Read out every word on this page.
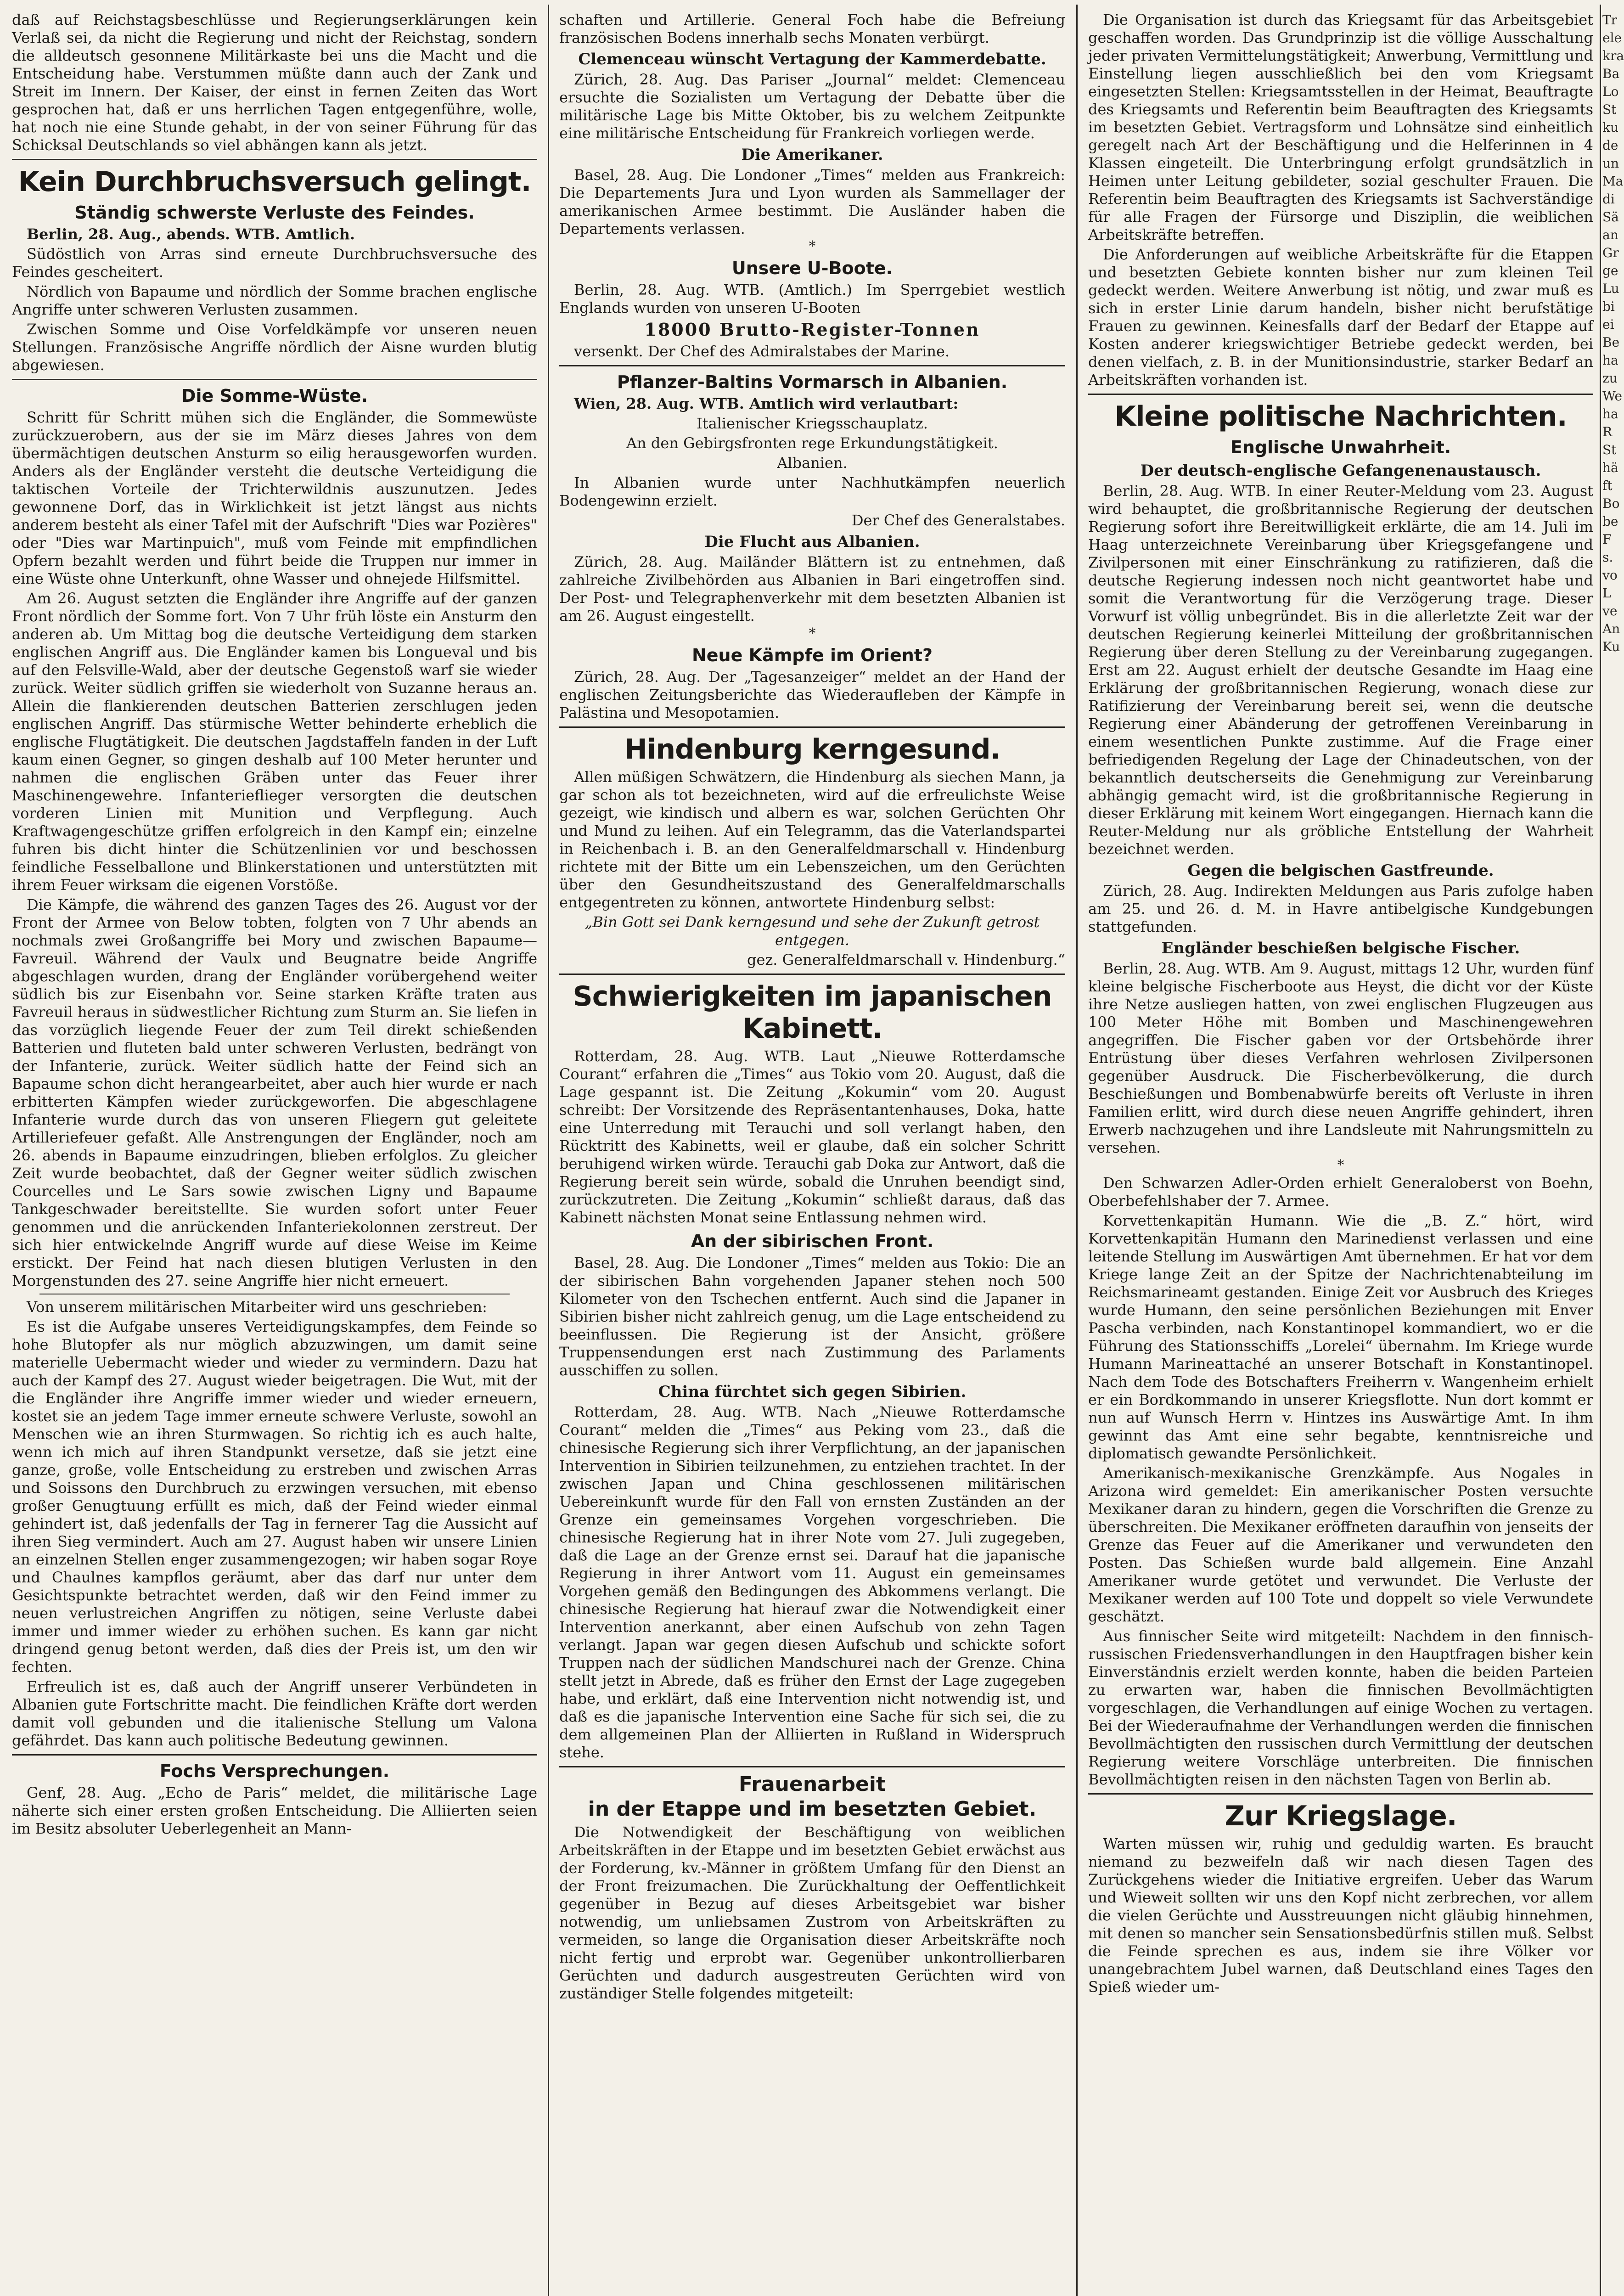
daß auf Reichstagsbeschlüsse und Regierungserklärungen kein Verlaß sei, da nicht die Regierung und nicht der Reichstag, sondern die alldeutsch gesonnene Militärkaste bei uns die Macht und die Entscheidung habe. Verstummen müßte dann auch der Zank und Streit im Innern. Der Kaiser, der einst in fernen Zeiten das Wort gesprochen hat, daß er uns herrlichen Tagen entgegenführe, wolle, hat noch nie eine Stunde gehabt, in der von seiner Führung für das Schicksal Deutschlands so viel abhängen kann als jetzt.

Kein Durchbruchsversuch gelingt.
Ständig schwerste Verluste des Feindes.

Berlin, 28. Aug., abends. WTB. Amtlich.

Südöstlich von Arras sind erneute Durchbruchsversuche des Feindes gescheitert.

Nördlich von Bapaume und nördlich der Somme brachen englische Angriffe unter schweren Verlusten zusammen.

Zwischen Somme und Oise Vorfeldkämpfe vor unseren neuen Stellungen. Französische Angriffe nördlich der Aisne wurden blutig abgewiesen.

Die Somme-Wüste.

Schritt für Schritt mühen sich die Engländer, die Sommewüste zurückzuerobern, aus der sie im März dieses Jahres von dem übermächtigen deutschen Ansturm so eilig herausgeworfen wurden. Anders als der Engländer versteht die deutsche Verteidigung die taktischen Vorteile der Trichterwildnis auszunutzen. Jedes gewonnene Dorf, das in Wirklichkeit ist jetzt längst aus nichts anderem besteht als einer Tafel mit der Aufschrift "Dies war Pozières" oder "Dies war Martinpuich", muß vom Feinde mit empfindlichen Opfern bezahlt werden und führt beide die Truppen nur immer in eine Wüste ohne Unterkunft, ohne Wasser und ohnejede Hilfsmittel.

Am 26. August setzten die Engländer ihre Angriffe auf der ganzen Front nördlich der Somme fort. Von 7 Uhr früh löste ein Ansturm den anderen ab. Um Mittag bog die deutsche Verteidigung dem starken englischen Angriff aus. Die Engländer kamen bis Longueval und bis auf den Felsville-Wald, aber der deutsche Gegenstoß warf sie wieder zurück. Weiter südlich griffen sie wiederholt von Suzanne heraus an. Allein die flankierenden deutschen Batterien zerschlugen jeden englischen Angriff. Das stürmische Wetter behinderte erheblich die englische Flugtätigkeit. Die deutschen Jagdstaffeln fanden in der Luft kaum einen Gegner, so gingen deshalb auf 100 Meter herunter und nahmen die englischen Gräben unter das Feuer ihrer Maschinengewehre. Infanterieflieger versorgten die deutschen vorderen Linien mit Munition und Verpflegung. Auch Kraftwagengeschütze griffen erfolgreich in den Kampf ein; einzelne fuhren bis dicht hinter die Schützenlinien vor und beschossen feindliche Fesselballone und Blinkerstationen und unterstützten mit ihrem Feuer wirksam die eigenen Vorstöße.

Die Kämpfe, die während des ganzen Tages des 26. August vor der Front der Armee von Below tobten, folgten von 7 Uhr abends an nochmals zwei Großangriffe bei Mory und zwischen Bapaume—Favreuil. Während der Vaulx und Beugnatre beide Angriffe abgeschlagen wurden, drang der Engländer vorübergehend weiter südlich bis zur Eisenbahn vor. Seine starken Kräfte traten aus Favreuil heraus in südwestlicher Richtung zum Sturm an. Sie liefen in das vorzüglich liegende Feuer der zum Teil direkt schießenden Batterien und fluteten bald unter schweren Verlusten, bedrängt von der Infanterie, zurück. Weiter südlich hatte der Feind sich an Bapaume schon dicht herangearbeitet, aber auch hier wurde er nach erbitterten Kämpfen wieder zurückgeworfen. Die abgeschlagene Infanterie wurde durch das von unseren Fliegern gut geleitete Artilleriefeuer gefaßt. Alle Anstrengungen der Engländer, noch am 26. abends in Bapaume einzudringen, blieben erfolglos. Zu gleicher Zeit wurde beobachtet, daß der Gegner weiter südlich zwischen Courcelles und Le Sars sowie zwischen Ligny und Bapaume Tankgeschwader bereitstellte. Sie wurden sofort unter Feuer genommen und die anrückenden Infanteriekolonnen zerstreut. Der sich hier entwickelnde Angriff wurde auf diese Weise im Keime erstickt. Der Feind hat nach diesen blutigen Verlusten in den Morgenstunden des 27. seine Angriffe hier nicht erneuert.

Von unserem militärischen Mitarbeiter wird uns geschrieben:

Es ist die Aufgabe unseres Verteidigungskampfes, dem Feinde so hohe Blutopfer als nur möglich abzuzwingen, um damit seine materielle Uebermacht wieder und wieder zu vermindern. Dazu hat auch der Kampf des 27. August wieder beigetragen. Die Wut, mit der die Engländer ihre Angriffe immer wieder und wieder erneuern, kostet sie an jedem Tage immer erneute schwere Verluste, sowohl an Menschen wie an ihren Sturmwagen. So richtig ich es auch halte, wenn ich mich auf ihren Standpunkt versetze, daß sie jetzt eine ganze, große, volle Entscheidung zu erstreben und zwischen Arras und Soissons den Durchbruch zu erzwingen versuchen, mit ebenso großer Genugtuung erfüllt es mich, daß der Feind wieder einmal gehindert ist, daß jedenfalls der Tag in fernerer Tag die Aussicht auf ihren Sieg vermindert. Auch am 27. August haben wir unsere Linien an einzelnen Stellen enger zusammengezogen; wir haben sogar Roye und Chaulnes kampflos geräumt, aber das darf nur unter dem Gesichtspunkte betrachtet werden, daß wir den Feind immer zu neuen verlustreichen Angriffen zu nötigen, seine Verluste dabei immer und immer wieder zu erhöhen suchen. Es kann gar nicht dringend genug betont werden, daß dies der Preis ist, um den wir fechten.

Erfreulich ist es, daß auch der Angriff unserer Verbündeten in Albanien gute Fortschritte macht. Die feindlichen Kräfte dort werden damit voll gebunden und die italienische Stellung um Valona gefährdet. Das kann auch politische Bedeutung gewinnen.

Fochs Versprechungen.

Genf, 28. Aug. „Echo de Paris“ meldet, die militärische Lage näherte sich einer ersten großen Entscheidung. Die Alliierten seien im Besitz absoluter Ueberlegenheit an Mann-

schaften und Artillerie. General Foch habe die Befreiung französischen Bodens innerhalb sechs Monaten verbürgt.

Clemenceau wünscht Vertagung der Kammerdebatte.

Zürich, 28. Aug. Das Pariser „Journal“ meldet: Clemenceau ersuchte die Sozialisten um Vertagung der Debatte über die militärische Lage bis Mitte Oktober, bis zu welchem Zeitpunkte eine militärische Entscheidung für Frankreich vorliegen werde.

Die Amerikaner.

Basel, 28. Aug. Die Londoner „Times“ melden aus Frankreich: Die Departements Jura und Lyon wurden als Sammellager der amerikanischen Armee bestimmt. Die Ausländer haben die Departements verlassen.

*
Unsere U-Boote.

Berlin, 28. Aug. WTB. (Amtlich.) Im Sperrgebiet westlich Englands wurden von unseren U-Booten

18000 Brutto-Register-Tonnen

versenkt. Der Chef des Admiralstabes der Marine.

Pflanzer-Baltins Vormarsch in Albanien.

Wien, 28. Aug. WTB. Amtlich wird verlautbart:

Italienischer Kriegsschauplatz.

An den Gebirgsfronten rege Erkundungstätigkeit.

Albanien.

In Albanien wurde unter Nachhutkämpfen neuerlich Bodengewinn erzielt.

Der Chef des Generalstabes.
Die Flucht aus Albanien.

Zürich, 28. Aug. Mailänder Blättern ist zu entnehmen, daß zahlreiche Zivilbehörden aus Albanien in Bari eingetroffen sind. Der Post- und Telegraphenverkehr mit dem besetzten Albanien ist am 26. August eingestellt.

*
Neue Kämpfe im Orient?

Zürich, 28. Aug. Der „Tagesanzeiger“ meldet an der Hand der englischen Zeitungsberichte das Wiederaufleben der Kämpfe in Palästina und Mesopotamien.

Hindenburg kerngesund.

Allen müßigen Schwätzern, die Hindenburg als siechen Mann, ja gar schon als tot bezeichneten, wird auf die erfreulichste Weise gezeigt, wie kindisch und albern es war, solchen Gerüchten Ohr und Mund zu leihen. Auf ein Telegramm, das die Vaterlandspartei in Reichenbach i. B. an den Generalfeldmarschall v. Hindenburg richtete mit der Bitte um ein Lebenszeichen, um den Gerüchten über den Gesundheitszustand des Generalfeldmarschalls entgegentreten zu können, antwortete Hindenburg selbst:

„Bin Gott sei Dank kerngesund und sehe der Zukunft getrost entgegen.

gez. Generalfeldmarschall v. Hindenburg.“
Schwierigkeiten im japanischen Kabinett.

Rotterdam, 28. Aug. WTB. Laut „Nieuwe Rotterdamsche Courant“ erfahren die „Times“ aus Tokio vom 20. August, daß die Lage gespannt ist. Die Zeitung „Kokumin“ vom 20. August schreibt: Der Vorsitzende des Repräsentantenhauses, Doka, hatte eine Unterredung mit Terauchi und soll verlangt haben, den Rücktritt des Kabinetts, weil er glaube, daß ein solcher Schritt beruhigend wirken würde. Terauchi gab Doka zur Antwort, daß die Regierung bereit sein würde, sobald die Unruhen beendigt sind, zurückzutreten. Die Zeitung „Kokumin“ schließt daraus, daß das Kabinett nächsten Monat seine Entlassung nehmen wird.

An der sibirischen Front.

Basel, 28. Aug. Die Londoner „Times“ melden aus Tokio: Die an der sibirischen Bahn vorgehenden Japaner stehen noch 500 Kilometer von den Tschechen entfernt. Auch sind die Japaner in Sibirien bisher nicht zahlreich genug, um die Lage entscheidend zu beeinflussen. Die Regierung ist der Ansicht, größere Truppensendungen erst nach Zustimmung des Parlaments ausschiffen zu sollen.

China fürchtet sich gegen Sibirien.

Rotterdam, 28. Aug. WTB. Nach „Nieuwe Rotterdamsche Courant“ melden die „Times“ aus Peking vom 23., daß die chinesische Regierung sich ihrer Verpflichtung, an der japanischen Intervention in Sibirien teilzunehmen, zu entziehen trachtet. In der zwischen Japan und China geschlossenen militärischen Uebereinkunft wurde für den Fall von ernsten Zuständen an der Grenze ein gemeinsames Vorgehen vorgeschrieben. Die chinesische Regierung hat in ihrer Note vom 27. Juli zugegeben, daß die Lage an der Grenze ernst sei. Darauf hat die japanische Regierung in ihrer Antwort vom 11. August ein gemeinsames Vorgehen gemäß den Bedingungen des Abkommens verlangt. Die chinesische Regierung hat hierauf zwar die Notwendigkeit einer Intervention anerkannt, aber einen Aufschub von zehn Tagen verlangt. Japan war gegen diesen Aufschub und schickte sofort Truppen nach der südlichen Mandschurei nach der Grenze. China stellt jetzt in Abrede, daß es früher den Ernst der Lage zugegeben habe, und erklärt, daß eine Intervention nicht notwendig ist, und daß es die japanische Intervention eine Sache für sich sei, die zu dem allgemeinen Plan der Alliierten in Rußland in Widerspruch stehe.

Frauenarbeit
in der Etappe und im besetzten Gebiet.

Die Notwendigkeit der Beschäftigung von weiblichen Arbeitskräften in der Etappe und im besetzten Gebiet erwächst aus der Forderung, kv.-Männer in größtem Umfang für den Dienst an der Front freizumachen. Die Zurückhaltung der Oeffentlichkeit gegenüber in Bezug auf dieses Arbeitsgebiet war bisher notwendig, um unliebsamen Zustrom von Arbeitskräften zu vermeiden, so lange die Organisation dieser Arbeitskräfte noch nicht fertig und erprobt war. Gegenüber unkontrollierbaren Gerüchten und dadurch ausgestreuten Gerüchten wird von zuständiger Stelle folgendes mitgeteilt:

Die Organisation ist durch das Kriegsamt für das Arbeitsgebiet geschaffen worden. Das Grundprinzip ist die völlige Ausschaltung jeder privaten Vermittelungstätigkeit; Anwerbung, Vermittlung und Einstellung liegen ausschließlich bei den vom Kriegsamt eingesetzten Stellen: Kriegsamtsstellen in der Heimat, Beauftragte des Kriegsamts und Referentin beim Beauftragten des Kriegsamts im besetzten Gebiet. Vertragsform und Lohnsätze sind einheitlich geregelt nach Art der Beschäftigung und die Helferinnen in 4 Klassen eingeteilt. Die Unterbringung erfolgt grundsätzlich in Heimen unter Leitung gebildeter, sozial geschulter Frauen. Die Referentin beim Beauftragten des Kriegsamts ist Sachverständige für alle Fragen der Fürsorge und Disziplin, die weiblichen Arbeitskräfte betreffen.

Die Anforderungen auf weibliche Arbeitskräfte für die Etappen und besetzten Gebiete konnten bisher nur zum kleinen Teil gedeckt werden. Weitere Anwerbung ist nötig, und zwar muß es sich in erster Linie darum handeln, bisher nicht berufstätige Frauen zu gewinnen. Keinesfalls darf der Bedarf der Etappe auf Kosten anderer kriegswichtiger Betriebe gedeckt werden, bei denen vielfach, z. B. in der Munitionsindustrie, starker Bedarf an Arbeitskräften vorhanden ist.

Kleine politische Nachrichten.
Englische Unwahrheit.
Der deutsch-englische Gefangenenaustausch.

Berlin, 28. Aug. WTB. In einer Reuter-Meldung vom 23. August wird behauptet, die großbritannische Regierung der deutschen Regierung sofort ihre Bereitwilligkeit erklärte, die am 14. Juli im Haag unterzeichnete Vereinbarung über Kriegsgefangene und Zivilpersonen mit einer Einschränkung zu ratifizieren, daß die deutsche Regierung indessen noch nicht geantwortet habe und somit die Verantwortung für die Verzögerung trage. Dieser Vorwurf ist völlig unbegründet. Bis in die allerletzte Zeit war der deutschen Regierung keinerlei Mitteilung der großbritannischen Regierung über deren Stellung zu der Vereinbarung zugegangen. Erst am 22. August erhielt der deutsche Gesandte im Haag eine Erklärung der großbritannischen Regierung, wonach diese zur Ratifizierung der Vereinbarung bereit sei, wenn die deutsche Regierung einer Abänderung der getroffenen Vereinbarung in einem wesentlichen Punkte zustimme. Auf die Frage einer befriedigenden Regelung der Lage der Chinadeutschen, von der bekanntlich deutscherseits die Genehmigung zur Vereinbarung abhängig gemacht wird, ist die großbritannische Regierung in dieser Erklärung mit keinem Wort eingegangen. Hiernach kann die Reuter-Meldung nur als gröbliche Entstellung der Wahrheit bezeichnet werden.

Gegen die belgischen Gastfreunde.

Zürich, 28. Aug. Indirekten Meldungen aus Paris zufolge haben am 25. und 26. d. M. in Havre antibelgische Kundgebungen stattgefunden.

Engländer beschießen belgische Fischer.

Berlin, 28. Aug. WTB. Am 9. August, mittags 12 Uhr, wurden fünf kleine belgische Fischerboote aus Heyst, die dicht vor der Küste ihre Netze ausliegen hatten, von zwei englischen Flugzeugen aus 100 Meter Höhe mit Bomben und Maschinengewehren angegriffen. Die Fischer gaben vor der Ortsbehörde ihrer Entrüstung über dieses Verfahren wehrlosen Zivilpersonen gegenüber Ausdruck. Die Fischerbevölkerung, die durch Beschießungen und Bombenabwürfe bereits oft Verluste in ihren Familien erlitt, wird durch diese neuen Angriffe gehindert, ihren Erwerb nachzugehen und ihre Landsleute mit Nahrungsmitteln zu versehen.

*

Den Schwarzen Adler-Orden erhielt Generaloberst von Boehn, Oberbefehlshaber der 7. Armee.

Korvettenkapitän Humann. Wie die „B. Z.“ hört, wird Korvettenkapitän Humann den Marinedienst verlassen und eine leitende Stellung im Auswärtigen Amt übernehmen. Er hat vor dem Kriege lange Zeit an der Spitze der Nachrichtenabteilung im Reichsmarineamt gestanden. Einige Zeit vor Ausbruch des Krieges wurde Humann, den seine persönlichen Beziehungen mit Enver Pascha verbinden, nach Konstantinopel kommandiert, wo er die Führung des Stationsschiffs „Lorelei“ übernahm. Im Kriege wurde Humann Marineattaché an unserer Botschaft in Konstantinopel. Nach dem Tode des Botschafters Freiherrn v. Wangenheim erhielt er ein Bordkommando in unserer Kriegsflotte. Nun dort kommt er nun auf Wunsch Herrn v. Hintzes ins Auswärtige Amt. In ihm gewinnt das Amt eine sehr begabte, kenntnisreiche und diplomatisch gewandte Persönlichkeit.

Amerikanisch-mexikanische Grenzkämpfe. Aus Nogales in Arizona wird gemeldet: Ein amerikanischer Posten versuchte Mexikaner daran zu hindern, gegen die Vorschriften die Grenze zu überschreiten. Die Mexikaner eröffneten daraufhin von jenseits der Grenze das Feuer auf die Amerikaner und verwundeten den Posten. Das Schießen wurde bald allgemein. Eine Anzahl Amerikaner wurde getötet und verwundet. Die Verluste der Mexikaner werden auf 100 Tote und doppelt so viele Verwundete geschätzt.

Aus finnischer Seite wird mitgeteilt: Nachdem in den finnisch-russischen Friedensverhandlungen in den Hauptfragen bisher kein Einverständnis erzielt werden konnte, haben die beiden Parteien zu erwarten war, haben die finnischen Bevollmächtigten vorgeschlagen, die Verhandlungen auf einige Wochen zu vertagen. Bei der Wiederaufnahme der Verhandlungen werden die finnischen Bevollmächtigten den russischen durch Vermittlung der deutschen Regierung weitere Vorschläge unterbreiten. Die finnischen Bevollmächtigten reisen in den nächsten Tagen von Berlin ab.

Zur Kriegslage.

Warten müssen wir, ruhig und geduldig warten. Es braucht niemand zu bezweifeln daß wir nach diesen Tagen des Zurückgehens wieder die Initiative ergreifen. Ueber das Warum und Wieweit sollten wir uns den Kopf nicht zerbrechen, vor allem die vielen Gerüchte und Ausstreuungen nicht gläubig hinnehmen, mit denen so mancher sein Sensationsbedürfnis stillen muß. Selbst die Feinde sprechen es aus, indem sie ihre Völker vor unangebrachtem Jubel warnen, daß Deutschland eines Tages den Spieß wieder um-

Tr
ele
kra
Ba
Lo
St
ku
de
un
Ma
di
Sä
an
Gr
ge
Lu
bi
ei
Be
ha
zu
We
ha
R
St
hä
ft
Bo
be
F
s.
vo
L
ve
An
Ku
